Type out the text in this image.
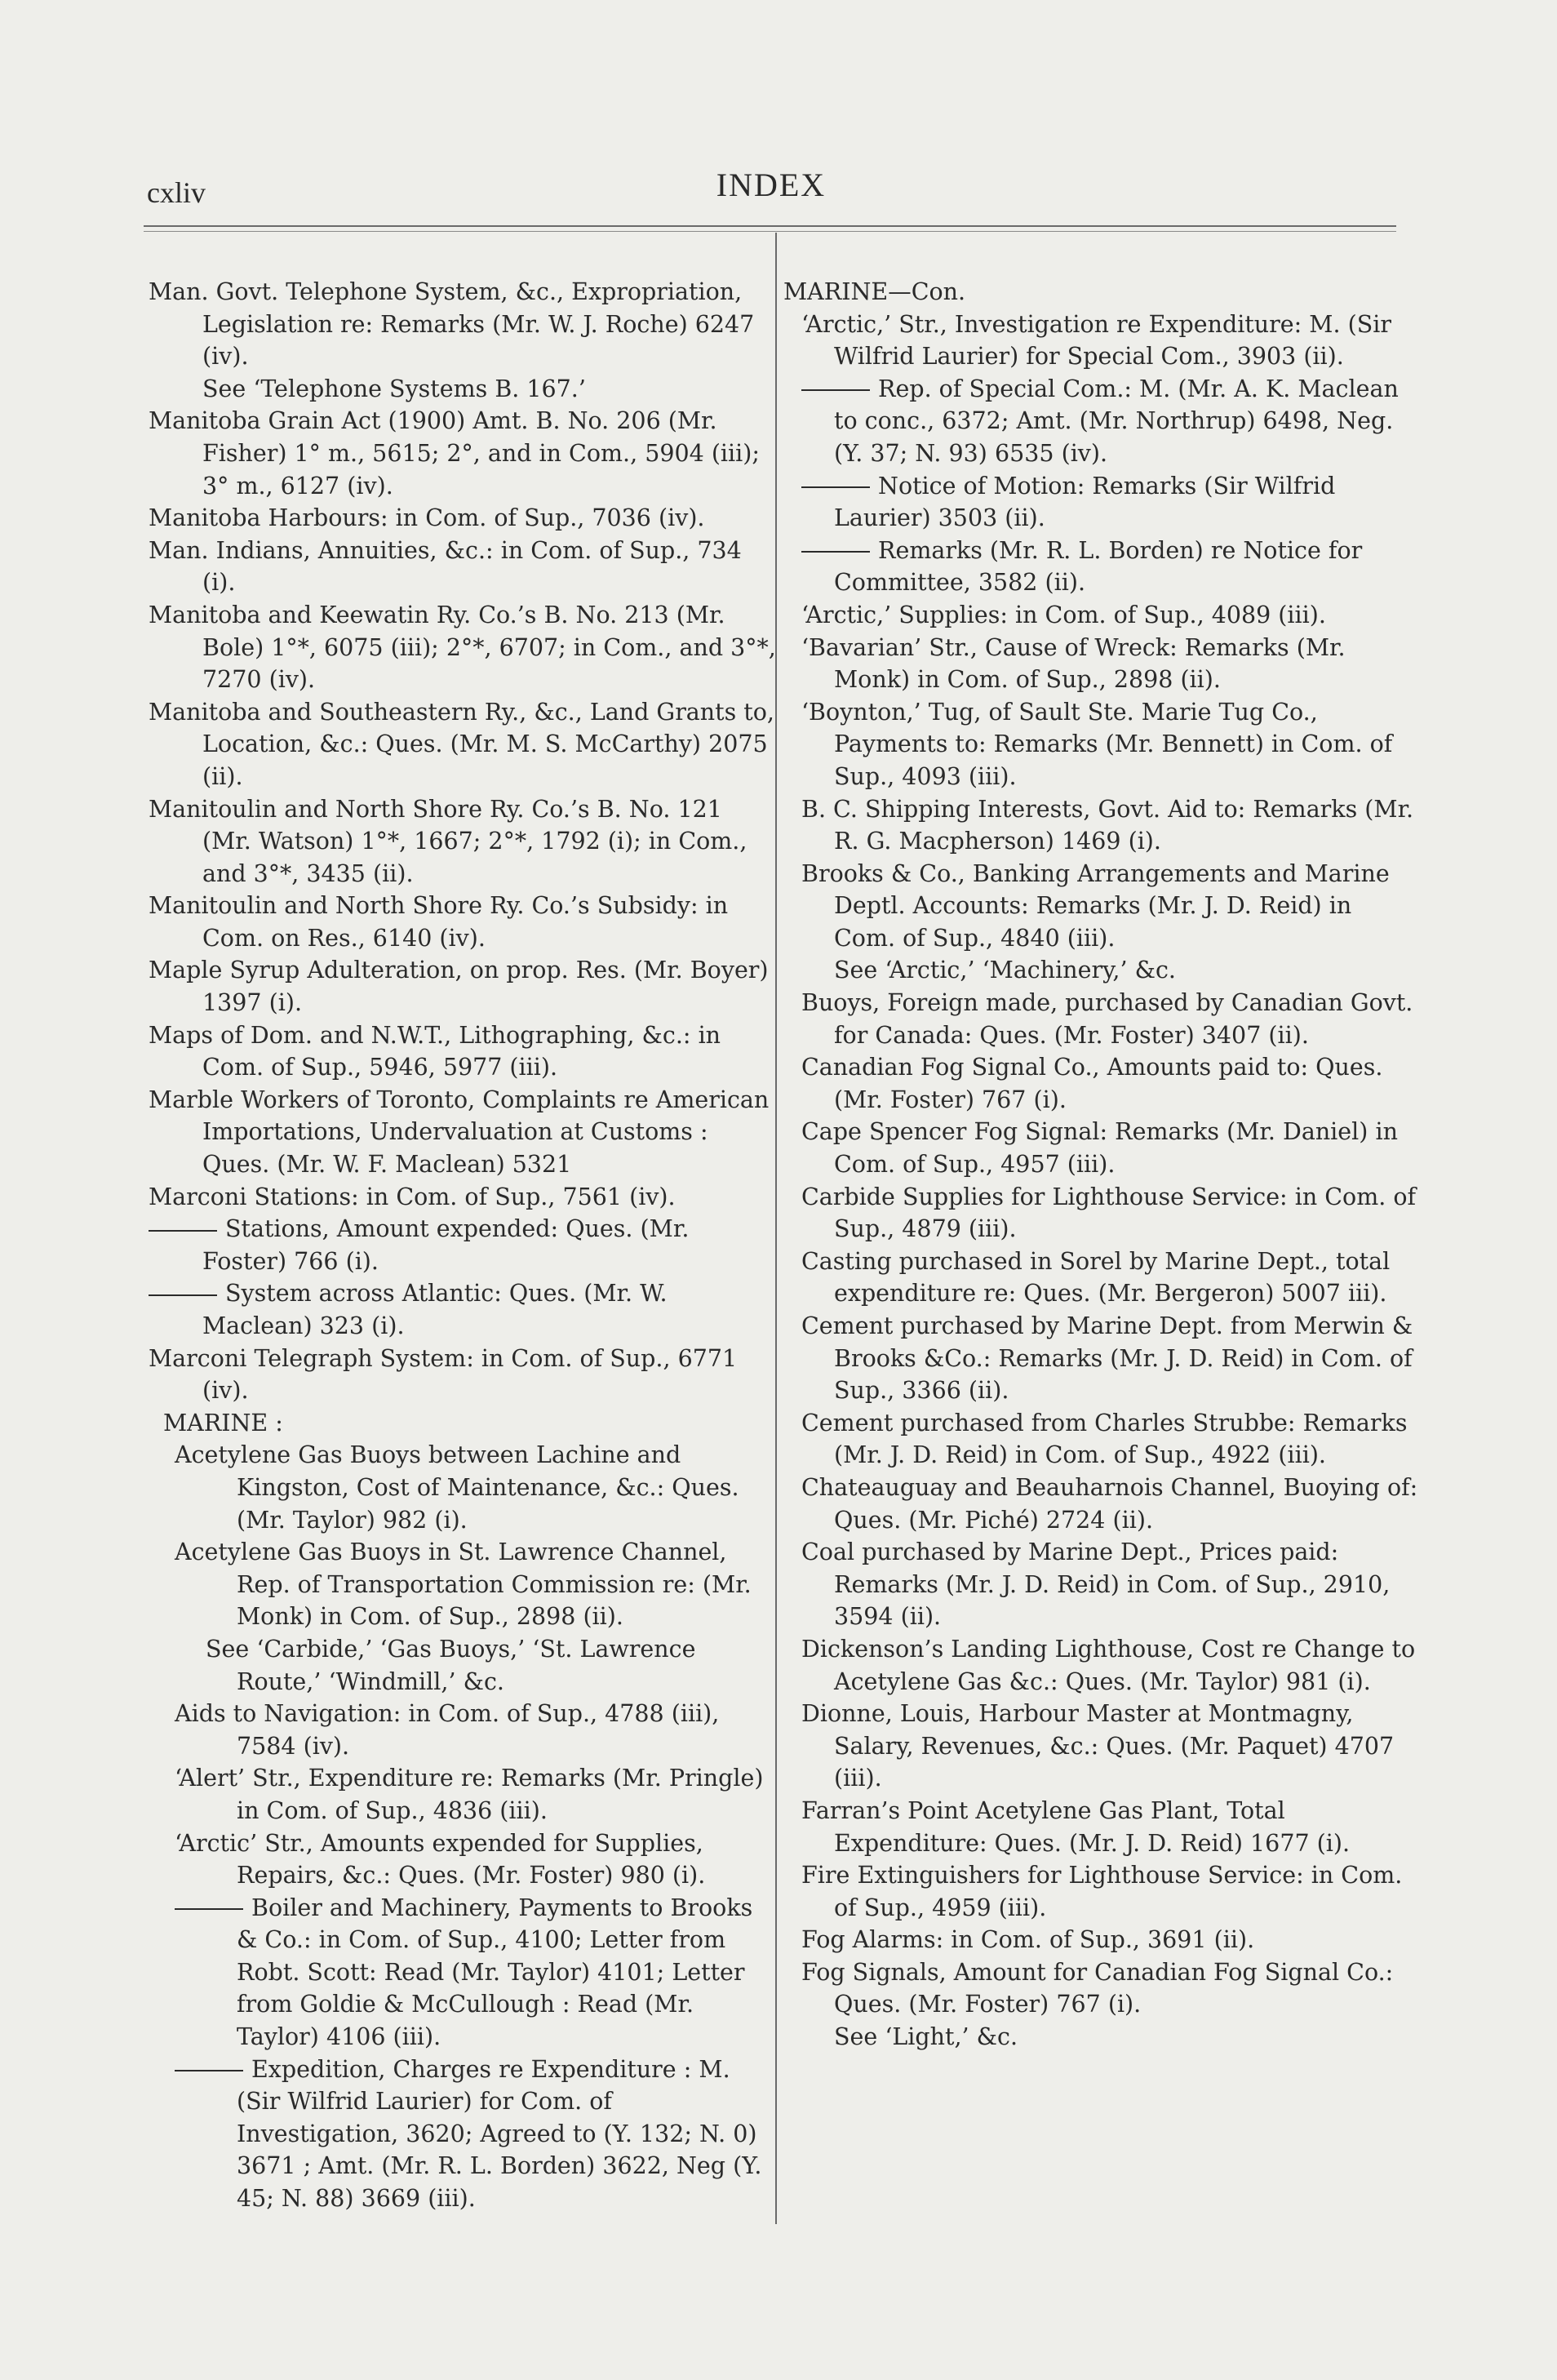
cxliv	INDEX

Man. Govt. Telephone System, &c., Expropriation, Legislation re: Remarks (Mr. W. J. Roche) 6247 (iv).

See ‘Telephone Systems B. 167.’

Manitoba Grain Act (1900) Amt. B. No. 206 (Mr. Fisher) 1° m., 5615; 2°, and in Com., 5904 (iii); 3° m., 6127 (iv).

Manitoba Harbours: in Com. of Sup., 7036 (iv).

Man. Indians, Annuities, &c.: in Com. of Sup., 734 (i).

Manitoba and Keewatin Ry. Co.’s B. No. 213 (Mr. Bole) 1°*, 6075 (iii); 2°*, 6707; in Com., and 3°*, 7270 (iv).

Manitoba and Southeastern Ry., &c., Land Grants to, Location, &c.: Ques. (Mr. M. S. McCarthy) 2075 (ii).

Manitoulin and North Shore Ry. Co.’s B. No. 121 (Mr. Watson) 1°*, 1667; 2°*, 1792 (i); in Com., and 3°*, 3435 (ii).

Manitoulin and North Shore Ry. Co.’s Subsidy: in Com. on Res., 6140 (iv).

Maple Syrup Adulteration, on prop. Res. (Mr. Boyer) 1397 (i).

Maps of Dom. and N.W.T., Lithographing, &c.: in Com. of Sup., 5946, 5977 (iii).

Marble Workers of Toronto, Complaints re American Importations, Undervaluation at Customs : Ques. (Mr. W. F. Maclean) 5321

Marconi Stations: in Com. of Sup., 7561 (iv).

Stations, Amount expended: Ques. (Mr. Foster) 766 (i).

System across Atlantic: Ques. (Mr. W. Maclean) 323 (i).

Marconi Telegraph System: in Com. of Sup., 6771 (iv).

MARINE :

Acetylene Gas Buoys between Lachine and Kingston, Cost of Maintenance, &c.: Ques. (Mr. Taylor) 982 (i).

Acetylene Gas Buoys in St. Lawrence Channel, Rep. of Transportation Commission re: (Mr. Monk) in Com. of Sup., 2898 (ii).

See ‘Carbide,’ ‘Gas Buoys,’ ‘St. Lawrence Route,’ ‘Windmill,’ &c.

Aids to Navigation: in Com. of Sup., 4788 (iii), 7584 (iv).

‘Alert’ Str., Expenditure re: Remarks (Mr. Pringle) in Com. of Sup., 4836 (iii).

‘Arctic’ Str., Amounts expended for Supplies, Repairs, &c.: Ques. (Mr. Foster) 980 (i).

Boiler and Machinery, Payments to Brooks & Co.: in Com. of Sup., 4100; Letter from Robt. Scott: Read (Mr. Taylor) 4101; Letter from Goldie & McCullough : Read (Mr. Taylor) 4106 (iii).

Expedition, Charges re Expenditure : M. (Sir Wilfrid Laurier) for Com. of Investigation, 3620; Agreed to (Y. 132; N. 0) 3671 ; Amt. (Mr. R. L. Borden) 3622, Neg (Y. 45; N. 88) 3669 (iii).

MARINE—Con.

‘Arctic,’ Str., Investigation re Expenditure: M. (Sir Wilfrid Laurier) for Special Com., 3903 (ii).

Rep. of Special Com.: M. (Mr. A. K. Maclean to conc., 6372; Amt. (Mr. Northrup) 6498, Neg. (Y. 37; N. 93) 6535 (iv).

Notice of Motion: Remarks (Sir Wilfrid Laurier) 3503 (ii).

Remarks (Mr. R. L. Borden) re Notice for Committee, 3582 (ii).

‘Arctic,’ Supplies: in Com. of Sup., 4089 (iii).

‘Bavarian’ Str., Cause of Wreck: Remarks (Mr. Monk) in Com. of Sup., 2898 (ii).

‘Boynton,’ Tug, of Sault Ste. Marie Tug Co., Payments to: Remarks (Mr. Bennett) in Com. of Sup., 4093 (iii).

B. C. Shipping Interests, Govt. Aid to: Remarks (Mr. R. G. Macpherson) 1469 (i).

Brooks & Co., Banking Arrangements and Marine Deptl. Accounts: Remarks (Mr. J. D. Reid) in Com. of Sup., 4840 (iii).

See ‘Arctic,’ ‘Machinery,’ &c.

Buoys, Foreign made, purchased by Canadian Govt. for Canada: Ques. (Mr. Foster) 3407 (ii).

Canadian Fog Signal Co., Amounts paid to: Ques. (Mr. Foster) 767 (i).

Cape Spencer Fog Signal: Remarks (Mr. Daniel) in Com. of Sup., 4957 (iii).

Carbide Supplies for Lighthouse Service: in Com. of Sup., 4879 (iii).

Casting purchased in Sorel by Marine Dept., total expenditure re: Ques. (Mr. Bergeron) 5007 iii).

Cement purchased by Marine Dept. from Merwin & Brooks &Co.: Remarks (Mr. J. D. Reid) in Com. of Sup., 3366 (ii).

Cement purchased from Charles Strubbe: Remarks (Mr. J. D. Reid) in Com. of Sup., 4922 (iii).

Chateauguay and Beauharnois Channel, Buoying of: Ques. (Mr. Piché) 2724 (ii).

Coal purchased by Marine Dept., Prices paid: Remarks (Mr. J. D. Reid) in Com. of Sup., 2910, 3594 (ii).

Dickenson’s Landing Lighthouse, Cost re Change to Acetylene Gas &c.: Ques. (Mr. Taylor) 981 (i).

Dionne, Louis, Harbour Master at Montmagny, Salary, Revenues, &c.: Ques. (Mr. Paquet) 4707 (iii).

Farran’s Point Acetylene Gas Plant, Total Expenditure: Ques. (Mr. J. D. Reid) 1677 (i).

Fire Extinguishers for Lighthouse Service: in Com. of Sup., 4959 (iii).

Fog Alarms: in Com. of Sup., 3691 (ii).

Fog Signals, Amount for Canadian Fog Signal Co.: Ques. (Mr. Foster) 767 (i).

See ‘Light,’ &c.
